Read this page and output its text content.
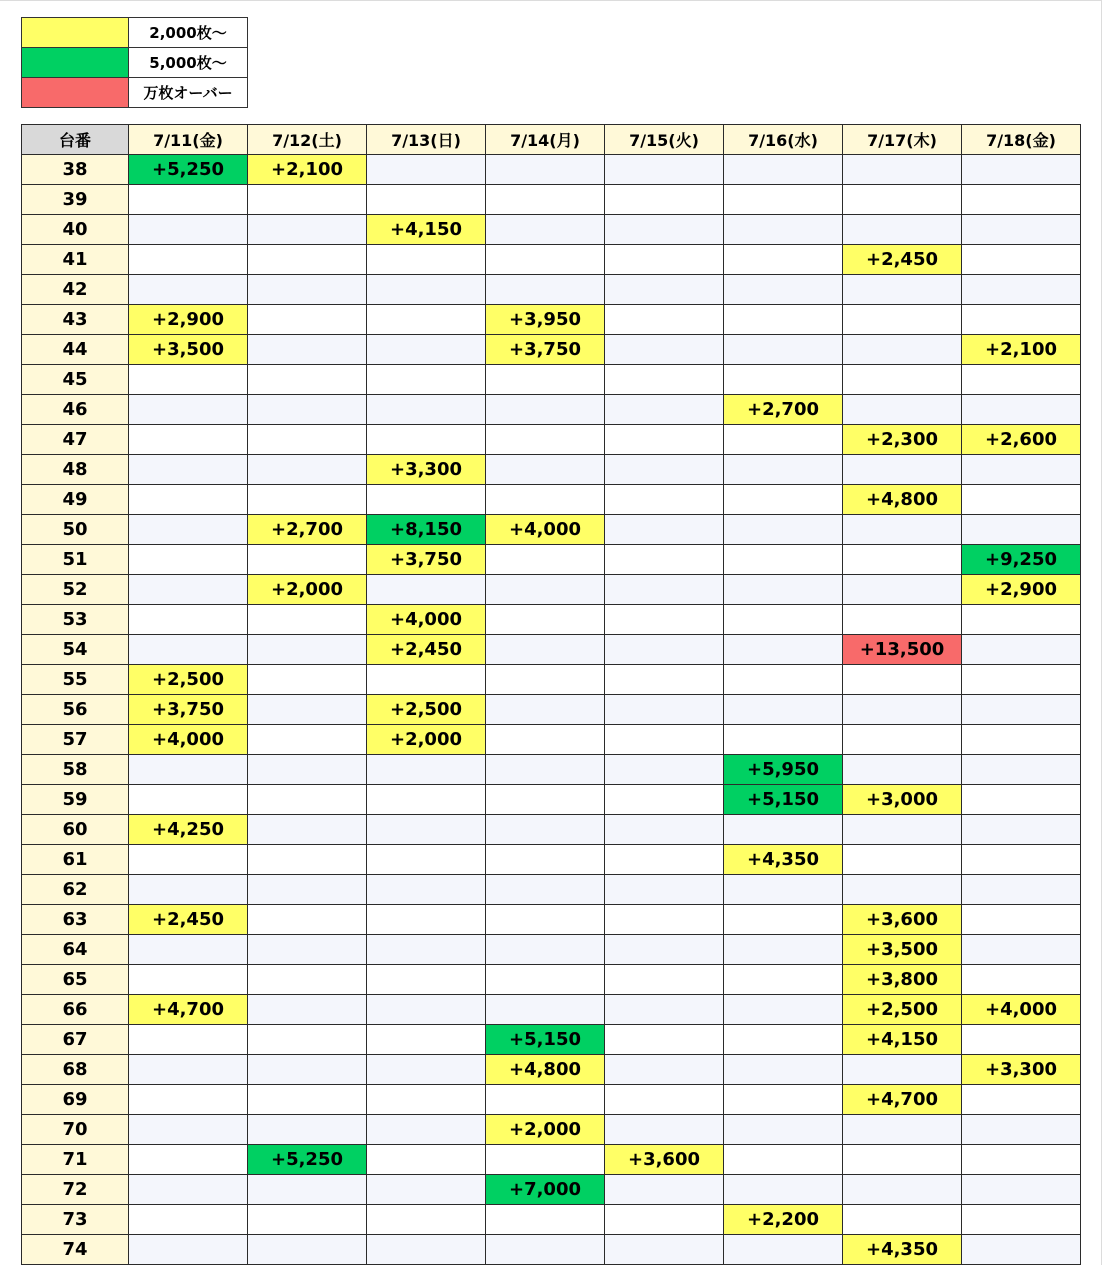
	2,000枚～
	5,000枚～
	万枚オーバー
台番	7/11(金)	7/12(土)	7/13(日)	7/14(月)	7/15(火)	7/16(水)	7/17(木)	7/18(金)
38	+5,250	+2,100						
39								
40			+4,150					
41							+2,450	
42								
43	+2,900			+3,950				
44	+3,500			+3,750				+2,100
45								
46						+2,700		
47							+2,300	+2,600
48			+3,300					
49							+4,800	
50		+2,700	+8,150	+4,000				
51			+3,750					+9,250
52		+2,000						+2,900
53			+4,000					
54			+2,450				+13,500	
55	+2,500							
56	+3,750		+2,500					
57	+4,000		+2,000					
58						+5,950		
59						+5,150	+3,000	
60	+4,250							
61						+4,350		
62								
63	+2,450						+3,600	
64							+3,500	
65							+3,800	
66	+4,700						+2,500	+4,000
67				+5,150			+4,150	
68				+4,800				+3,300
69							+4,700	
70				+2,000				
71		+5,250			+3,600			
72				+7,000				
73						+2,200		
74							+4,350	
